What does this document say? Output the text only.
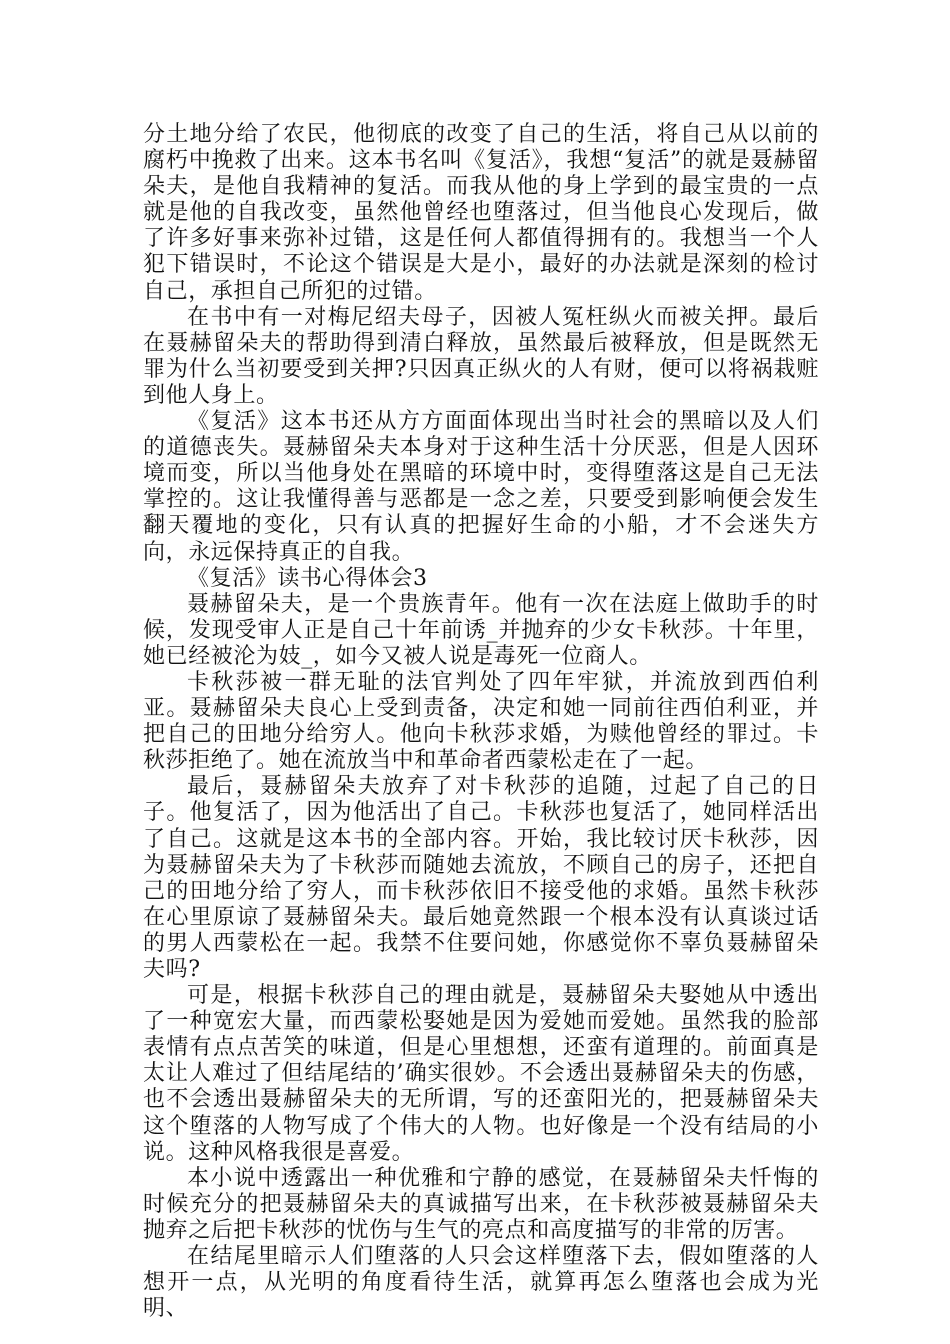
分土地分给了农民，他彻底的改变了自己的生活，将自己从以前的腐朽中挽救了出来。这本书名叫《复活》，我想“复活”的就是聂赫留朵夫，是他自我精神的复活。而我从他的身上学到的最宝贵的一点就是他的自我改变，虽然他曾经也堕落过，但当他良心发现后，做了许多好事来弥补过错，这是任何人都值得拥有的。我想当一个人犯下错误时，不论这个错误是大是小，最好的办法就是深刻的检讨自己，承担自己所犯的过错。

在书中有一对梅尼绍夫母子，因被人冤枉纵火而被关押。最后在聂赫留朵夫的帮助得到清白释放，虽然最后被释放，但是既然无罪为什么当初要受到关押?只因真正纵火的人有财，便可以将祸栽赃到他人身上。

《复活》这本书还从方方面面体现出当时社会的黑暗以及人们的道德丧失。聂赫留朵夫本身对于这种生活十分厌恶，但是人因环境而变，所以当他身处在黑暗的环境中时，变得堕落这是自己无法掌控的。这让我懂得善与恶都是一念之差，只要受到影响便会发生翻天覆地的变化，只有认真的把握好生命的小船，才不会迷失方向，永远保持真正的自我。

《复活》读书心得体会3

聂赫留朵夫，是一个贵族青年。他有一次在法庭上做助手的时候，发现受审人正是自己十年前诱_并抛弃的少女卡秋莎。十年里，她已经被沦为妓_，如今又被人说是毒死一位商人。

卡秋莎被一群无耻的法官判处了四年牢狱，并流放到西伯利亚。聂赫留朵夫良心上受到责备，决定和她一同前往西伯利亚，并把自己的田地分给穷人。他向卡秋莎求婚，为赎他曾经的罪过。卡秋莎拒绝了。她在流放当中和革命者西蒙松走在了一起。

最后，聂赫留朵夫放弃了对卡秋莎的追随，过起了自己的日子。他复活了，因为他活出了自己。卡秋莎也复活了，她同样活出了自己。这就是这本书的全部内容。开始，我比较讨厌卡秋莎，因为聂赫留朵夫为了卡秋莎而随她去流放，不顾自己的房子，还把自己的田地分给了穷人，而卡秋莎依旧不接受他的求婚。虽然卡秋莎在心里原谅了聂赫留朵夫。最后她竟然跟一个根本没有认真谈过话的男人西蒙松在一起。我禁不住要问她，你感觉你不辜负聂赫留朵夫吗?

可是，根据卡秋莎自己的理由就是，聂赫留朵夫娶她从中透出了一种宽宏大量，而西蒙松娶她是因为爱她而爱她。虽然我的脸部表情有点点苦笑的味道，但是心里想想，还蛮有道理的。前面真是太让人难过了但结尾结的’确实很妙。不会透出聂赫留朵夫的伤感，也不会透出聂赫留朵夫的无所谓，写的还蛮阳光的，把聂赫留朵夫这个堕落的人物写成了个伟大的人物。也好像是一个没有结局的小说。这种风格我很是喜爱。

本小说中透露出一种优雅和宁静的感觉，在聂赫留朵夫忏悔的时候充分的把聂赫留朵夫的真诚描写出来，在卡秋莎被聂赫留朵夫抛弃之后把卡秋莎的忧伤与生气的亮点和高度描写的非常的厉害。

在结尾里暗示人们堕落的人只会这样堕落下去，假如堕落的人想开一点，从光明的角度看待生活，就算再怎么堕落也会成为光明、
